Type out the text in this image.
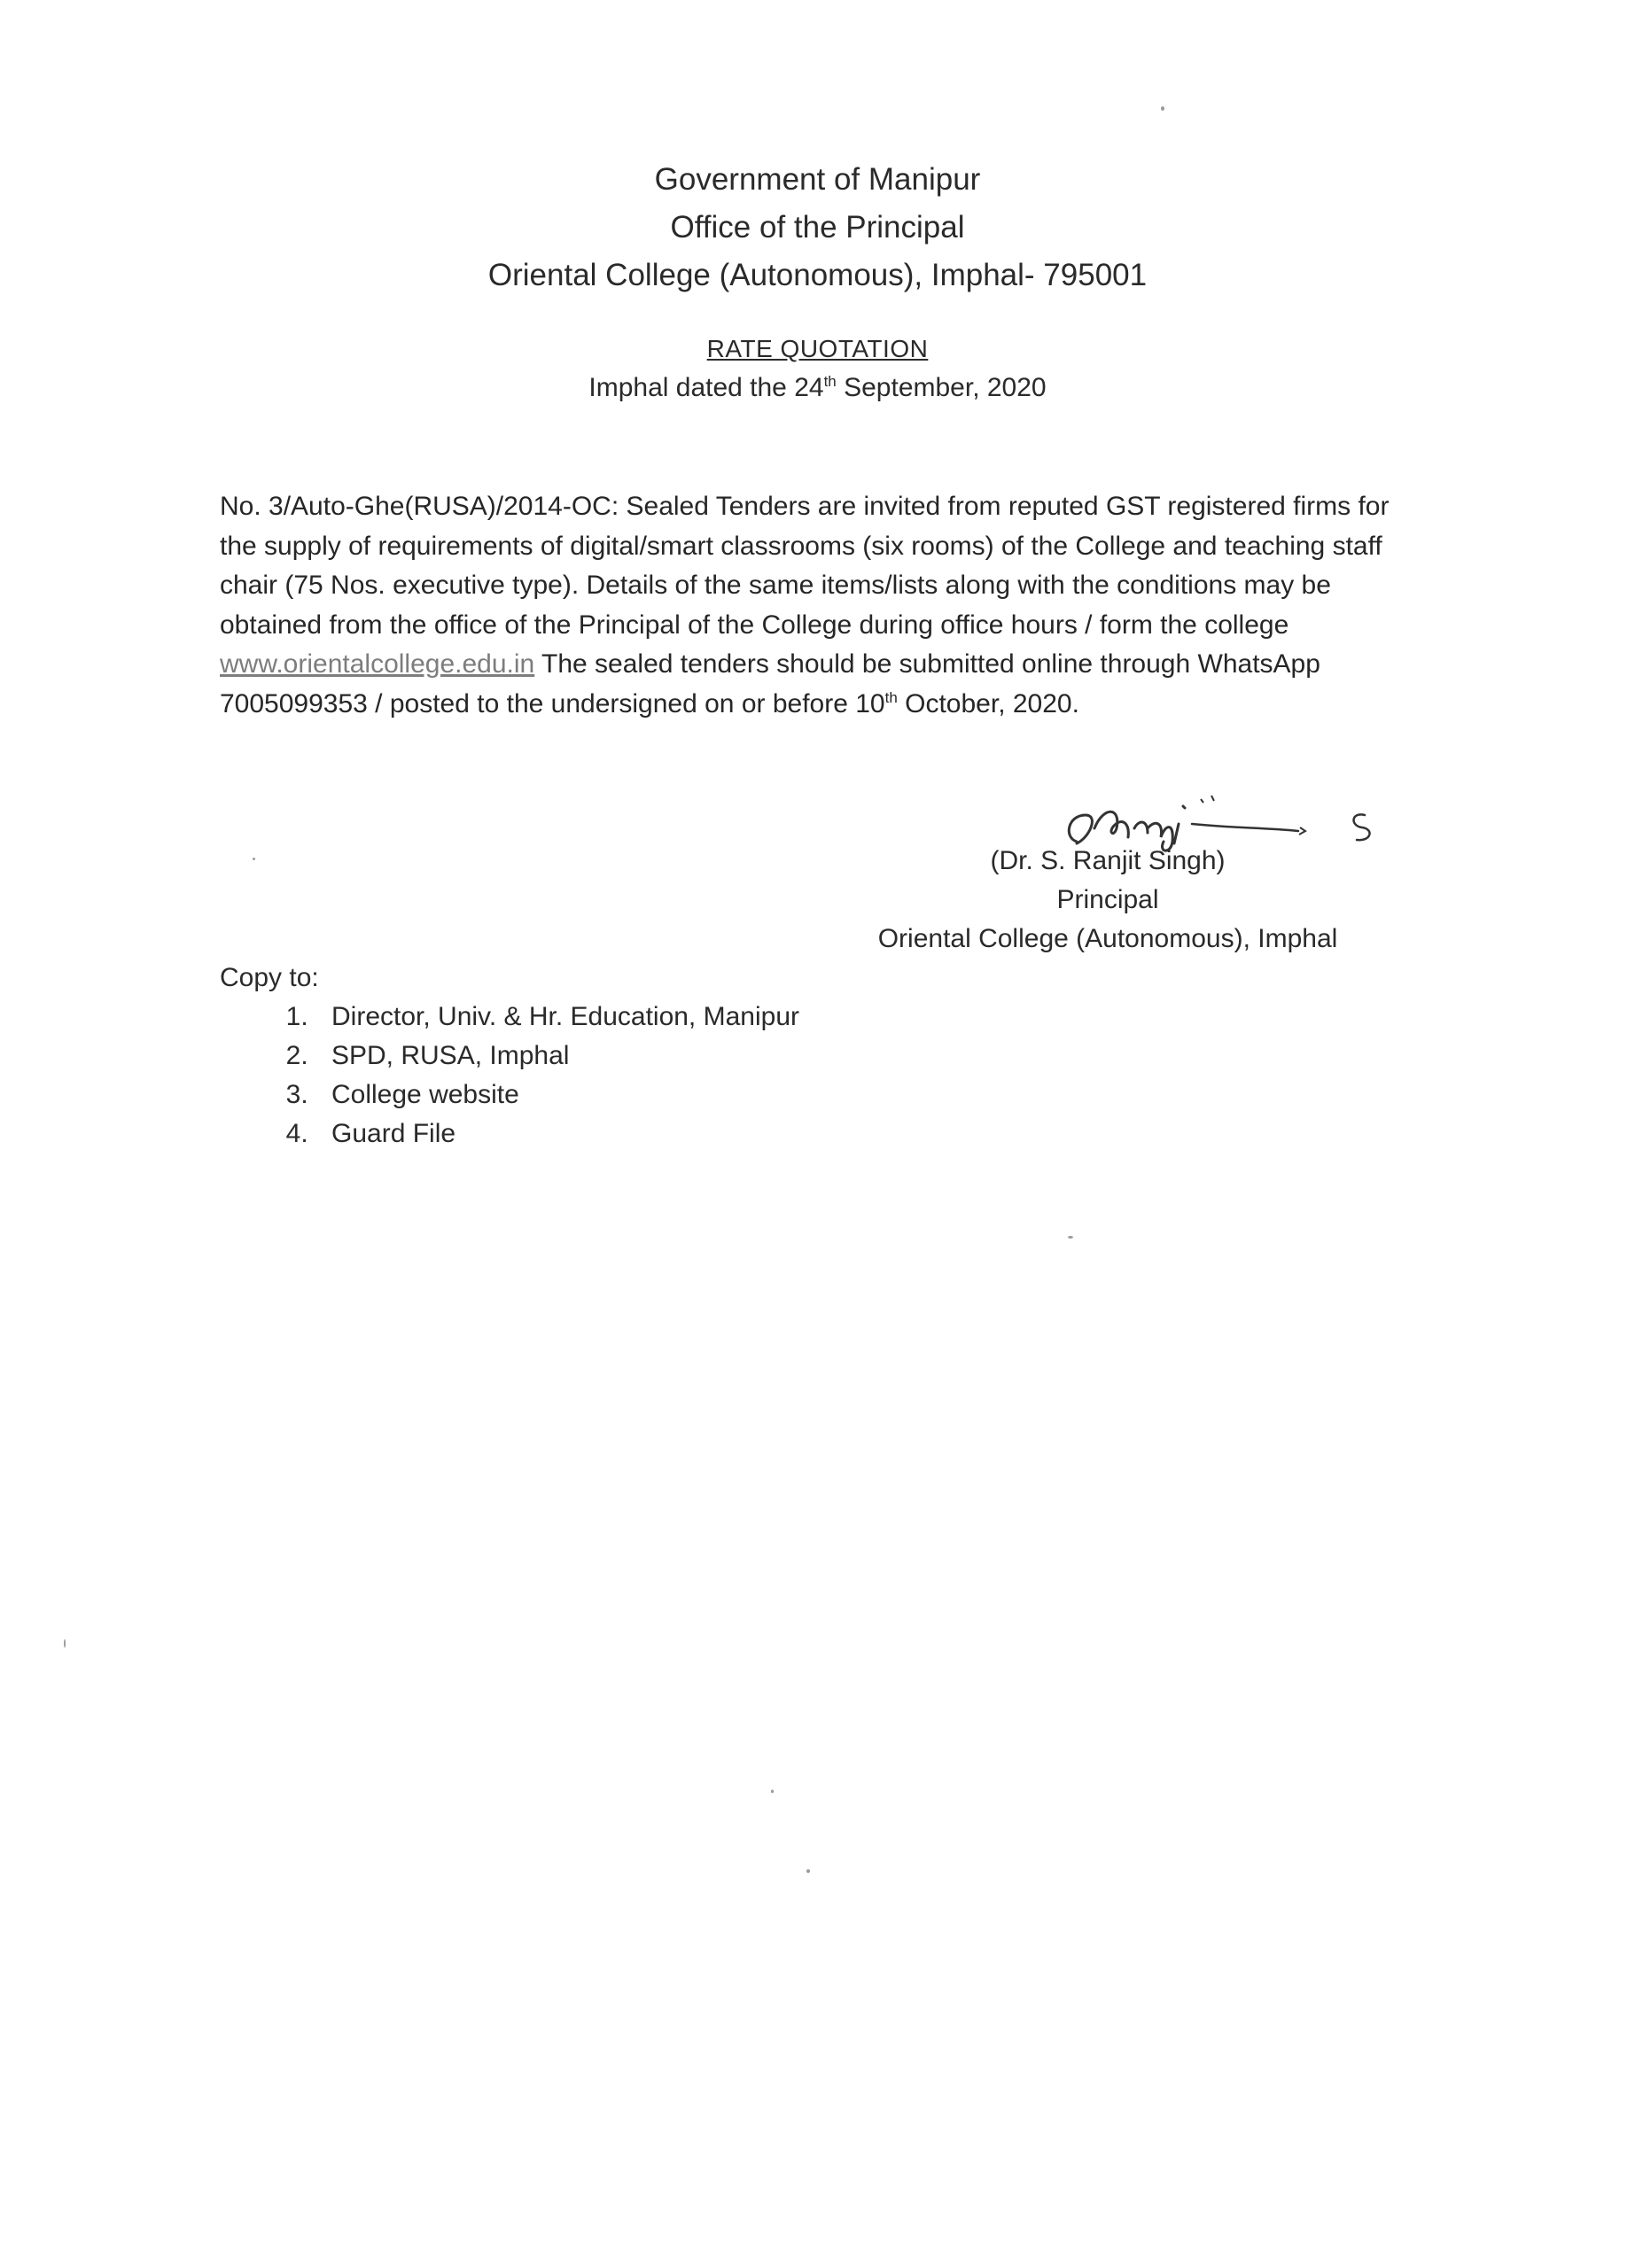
Government of Manipur
Office of the Principal
Oriental College (Autonomous), Imphal- 795001
RATE QUOTATION
Imphal dated the 24th September, 2020
No. 3/Auto-Ghe(RUSA)/2014-OC: Sealed Tenders are invited from reputed GST registered firms for the supply of requirements of digital/smart classrooms (six rooms) of the College and teaching staff chair (75 Nos. executive type). Details of the same items/lists along with the conditions may be obtained from the office of the Principal of the College during office hours / form the college www.orientalcollege.edu.in The sealed tenders should be submitted online through WhatsApp 7005099353 / posted to the undersigned on or before 10th October, 2020.
(Dr. S. Ranjit Singh)
Principal
Oriental College (Autonomous), Imphal
Copy to:
1. Director, Univ. & Hr. Education, Manipur
2. SPD, RUSA, Imphal
3. College website
4. Guard File
